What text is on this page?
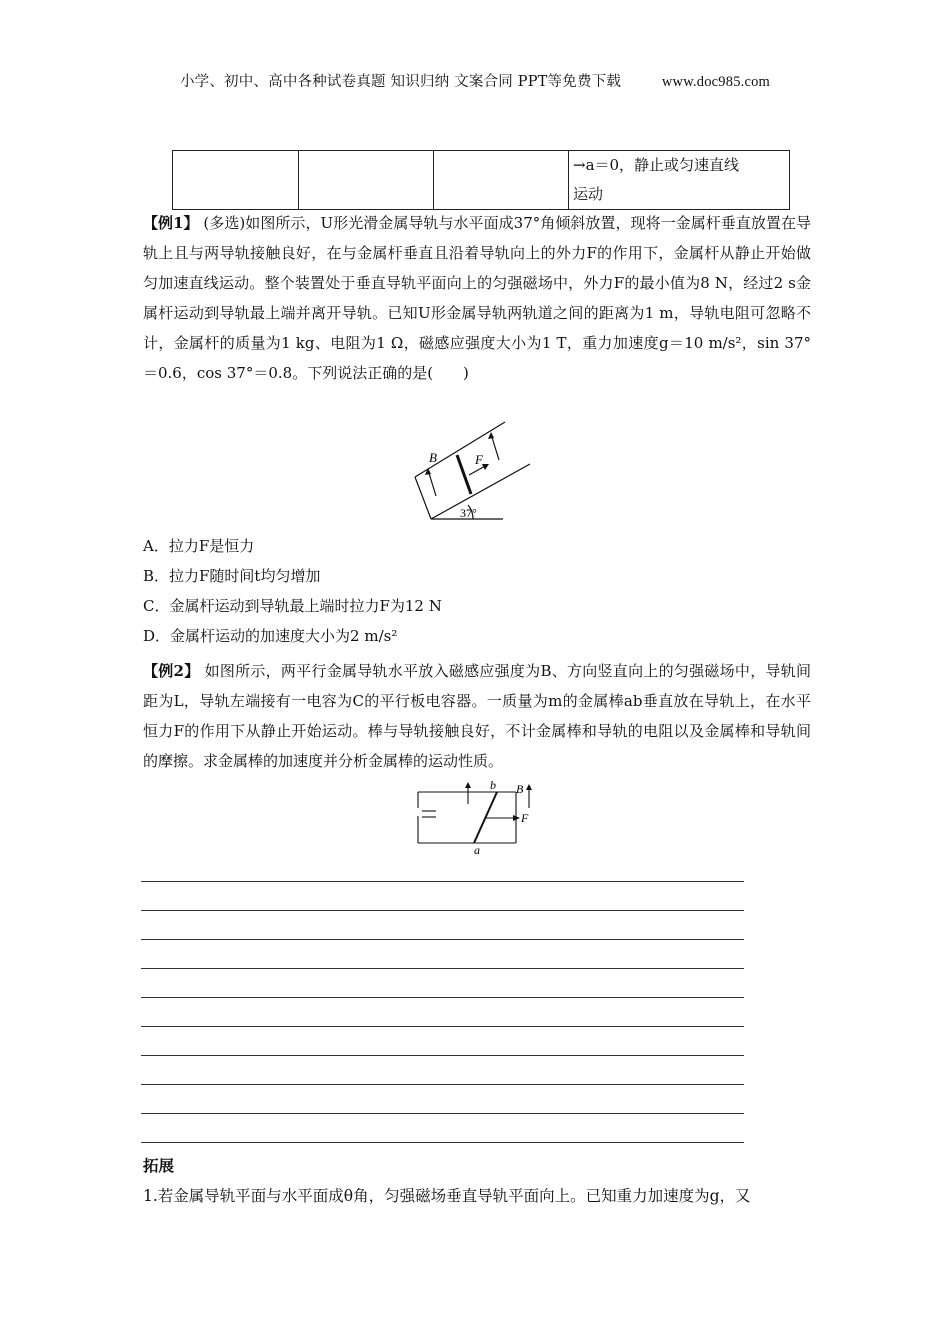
小学、初中、高中各种试卷真题 知识归纳 文案合同 PPT等免费下载	www.doc985.com

→a＝0，静止或匀速直线
运动
【例1】 (多选)如图所示，U形光滑金属导轨与水平面成37°角倾斜放置，现将一金属杆垂直放置在导轨上且与两导轨接触良好，在与金属杆垂直且沿着导轨向上的外力F的作用下，金属杆从静止开始做匀加速直线运动。整个装置处于垂直导轨平面向上的匀强磁场中，外力F的最小值为8 N，经过2 s金属杆运动到导轨最上端并离开导轨。已知U形金属导轨两轨道之间的距离为1 m，导轨电阻可忽略不计，金属杆的质量为1 kg、电阻为1 Ω，磁感应强度大小为1 T，重力加速度g＝10 m/s²，sin 37°＝0.6，cos 37°＝0.8。下列说法正确的是(　　)
B	F
37°
A．拉力F是恒力
B．拉力F随时间t均匀增加
C．金属杆运动到导轨最上端时拉力F为12 N
D．金属杆运动的加速度大小为2 m/s²
【例2】 如图所示，两平行金属导轨水平放入磁感应强度为B、方向竖直向上的匀强磁场中，导轨间距为L，导轨左端接有一电容为C的平行板电容器。一质量为m的金属棒ab垂直放在导轨上，在水平恒力F的作用下从静止开始运动。棒与导轨接触良好，不计金属棒和导轨的电阻以及金属棒和导轨间的摩擦。求金属棒的加速度并分析金属棒的运动性质。
b B
F
a
拓展
1.若金属导轨平面与水平面成θ角，匀强磁场垂直导轨平面向上。已知重力加速度为g，又
